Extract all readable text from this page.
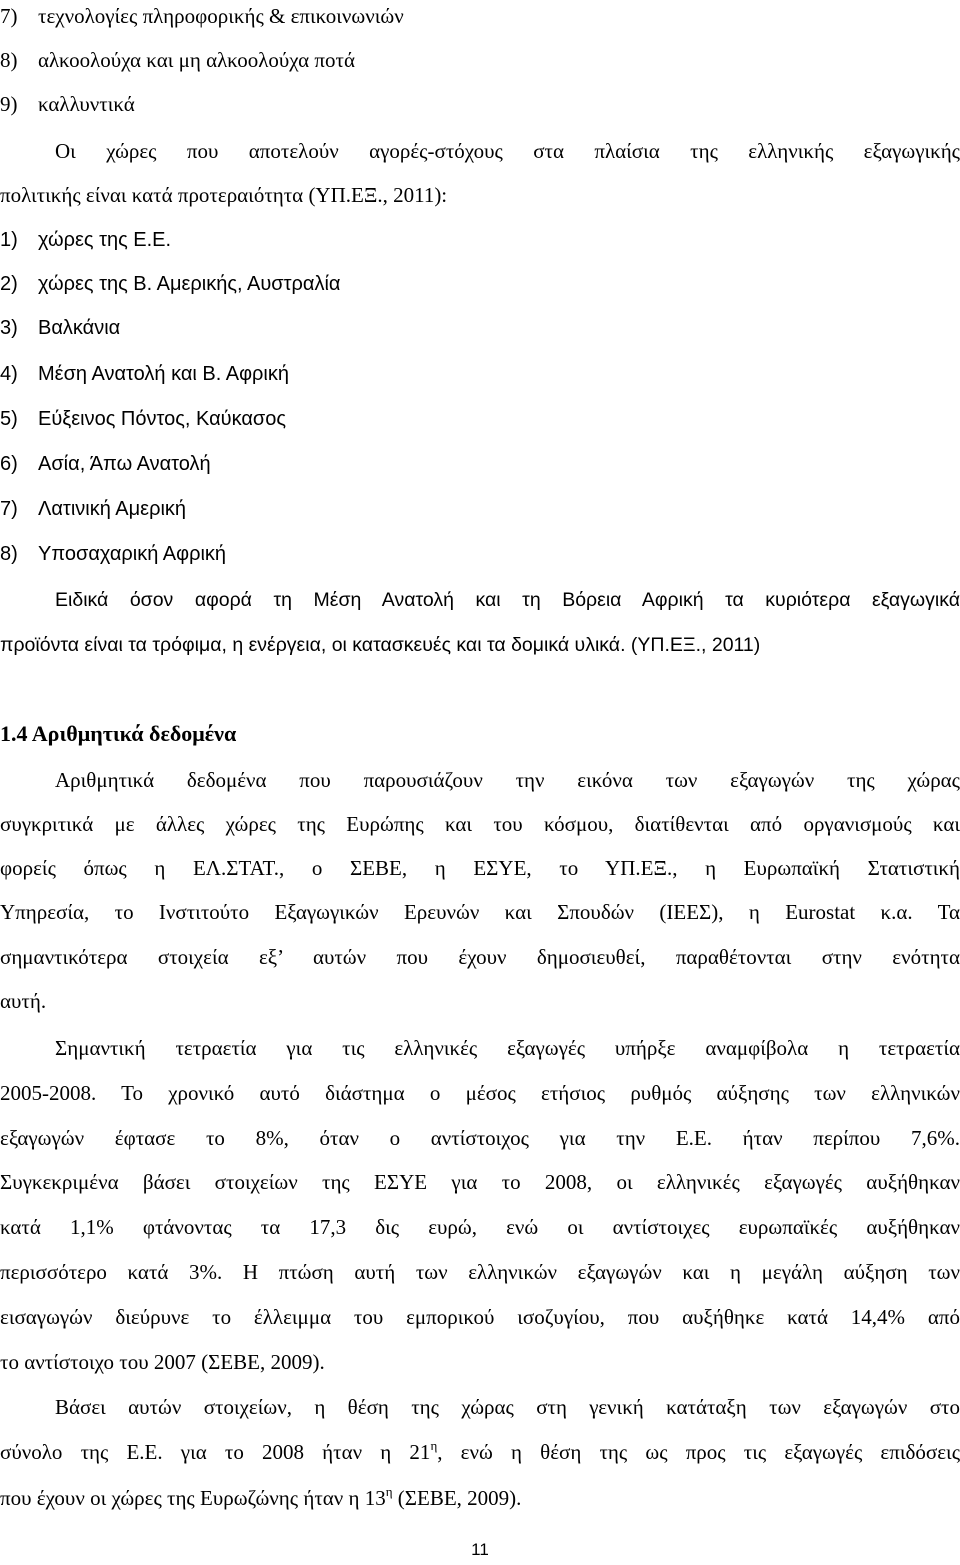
7) τεχνολογίες πληροφορικής & επικοινωνιών
8) αλκοολούχα και μη αλκοολούχα ποτά
9) καλλυντικά
Οι χώρες που αποτελούν αγορές-στόχους στα πλαίσια της ελληνικής εξαγωγικής
πολιτικής είναι κατά προτεραιότητα (ΥΠ.ΕΞ., 2011):
1) χώρες της Ε.Ε.
2) χώρες της Β. Αμερικής, Αυστραλία
3) Βαλκάνια
4) Μέση Ανατολή και Β. Αφρική
5) Εύξεινος Πόντος, Καύκασος
6) Ασία, Άπω Ανατολή
7) Λατινική Αμερική
8) Υποσαχαρική Αφρική
Ειδικά όσον αφορά τη Μέση Ανατολή και τη Βόρεια Αφρική τα κυριότερα εξαγωγικά
προϊόντα είναι τα τρόφιμα, η ενέργεια, οι κατασκευές και τα δομικά υλικά. (ΥΠ.ΕΞ., 2011)
1.4 Αριθμητικά δεδομένα
Αριθμητικά δεδομένα που παρουσιάζουν την εικόνα των εξαγωγών της χώρας
συγκριτικά με άλλες χώρες της Ευρώπης και του κόσμου, διατίθενται από οργανισμούς και
φορείς όπως η ΕΛ.ΣΤΑΤ., ο ΣΕΒΕ, η ΕΣΥΕ, το ΥΠ.ΕΞ., η Ευρωπαϊκή Στατιστική
Υπηρεσία, το Ινστιτούτο Εξαγωγικών Ερευνών και Σπουδών (ΙΕΕΣ), η Eurostat κ.α. Τα
σημαντικότερα στοιχεία εξ’ αυτών που έχουν δημοσιευθεί, παραθέτονται στην ενότητα
αυτή.
Σημαντική τετραετία για τις ελληνικές εξαγωγές υπήρξε αναμφίβολα η τετραετία
2005-2008. Το χρονικό αυτό διάστημα ο μέσος ετήσιος ρυθμός αύξησης των ελληνικών
εξαγωγών έφτασε το 8%, όταν ο αντίστοιχος για την Ε.Ε. ήταν περίπου 7,6%.
Συγκεκριμένα βάσει στοιχείων της ΕΣΥΕ για το 2008, οι ελληνικές εξαγωγές αυξήθηκαν
κατά 1,1% φτάνοντας τα 17,3 δις ευρώ, ενώ οι αντίστοιχες ευρωπαϊκές αυξήθηκαν
περισσότερο κατά 3%. Η πτώση αυτή των ελληνικών εξαγωγών και η μεγάλη αύξηση των
εισαγωγών διεύρυνε το έλλειμμα του εμπορικού ισοζυγίου, που αυξήθηκε κατά 14,4% από
το αντίστοιχο του 2007 (ΣΕΒΕ, 2009).
Βάσει αυτών στοιχείων, η θέση της χώρας στη γενική κατάταξη των εξαγωγών στο
σύνολο της Ε.Ε. για το 2008 ήταν η $21^\eta$, ενώ η θέση της ως προς τις εξαγωγές επιδόσεις
που έχουν οι χώρες της Ευρωζώνης ήταν η $13^\eta$ (ΣΕΒΕ, 2009).
11
